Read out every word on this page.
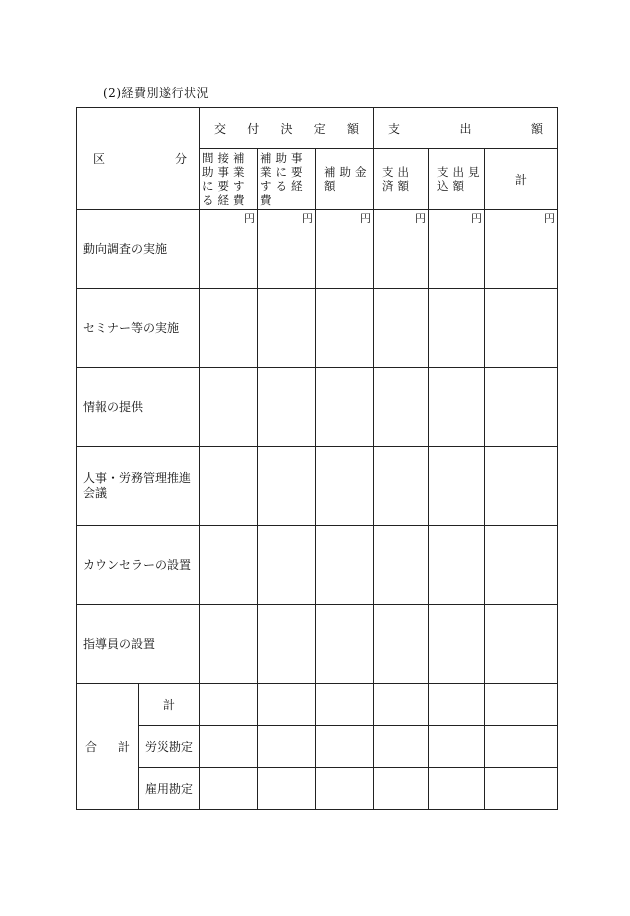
(2)経費別遂行状況
区 分		交 付 決 定 額			支 出 額		

		間接補助事業に要する経費	補助事業に要する経費	補助金額	支出済額	支出見込額	計
動向調査の実施		円	円	円	円	円	円
セミナー等の実施							
情報の提供							
人事・労務管理推進会議							
カウンセラーの設置							
指導員の設置							

合 計	計						
	労災勘定						
	雇用勘定						
